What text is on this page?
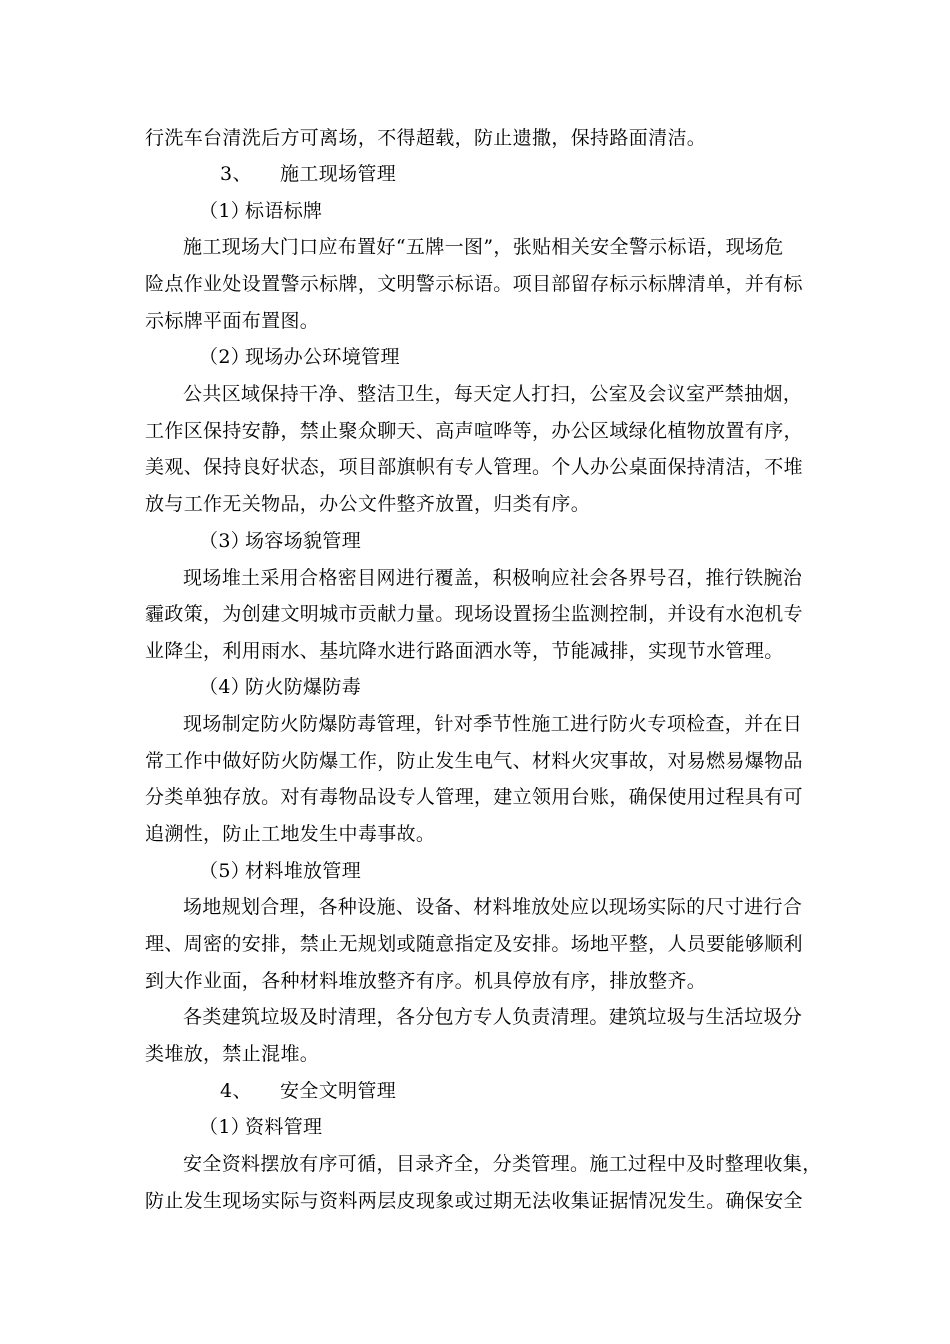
行洗车台清洗后方可离场，不得超载，防止遗撒，保持路面清洁。
3、 施工现场管理
（1）标语标牌
施工现场大门口应布置好“五牌一图”，张贴相关安全警示标语，现场危
险点作业处设置警示标牌，文明警示标语。项目部留存标示标牌清单，并有标
示标牌平面布置图。
（2）现场办公环境管理
公共区域保持干净、整洁卫生，每天定人打扫，公室及会议室严禁抽烟，
工作区保持安静，禁止聚众聊天、高声喧哗等，办公区域绿化植物放置有序，
美观、保持良好状态，项目部旗帜有专人管理。个人办公桌面保持清洁，不堆
放与工作无关物品，办公文件整齐放置，归类有序。
（3）场容场貌管理
现场堆土采用合格密目网进行覆盖，积极响应社会各界号召，推行铁腕治
霾政策，为创建文明城市贡献力量。现场设置扬尘监测控制，并设有水泡机专
业降尘，利用雨水、基坑降水进行路面洒水等，节能减排，实现节水管理。
（4）防火防爆防毒
现场制定防火防爆防毒管理，针对季节性施工进行防火专项检查，并在日
常工作中做好防火防爆工作，防止发生电气、材料火灾事故，对易燃易爆物品
分类单独存放。对有毒物品设专人管理，建立领用台账，确保使用过程具有可
追溯性，防止工地发生中毒事故。
（5）材料堆放管理
场地规划合理，各种设施、设备、材料堆放处应以现场实际的尺寸进行合
理、周密的安排，禁止无规划或随意指定及安排。场地平整，人员要能够顺利
到大作业面，各种材料堆放整齐有序。机具停放有序，排放整齐。
各类建筑垃圾及时清理，各分包方专人负责清理。建筑垃圾与生活垃圾分
类堆放，禁止混堆。
4、 安全文明管理
（1）资料管理
安全资料摆放有序可循，目录齐全，分类管理。施工过程中及时整理收集，
防止发生现场实际与资料两层皮现象或过期无法收集证据情况发生。确保安全
